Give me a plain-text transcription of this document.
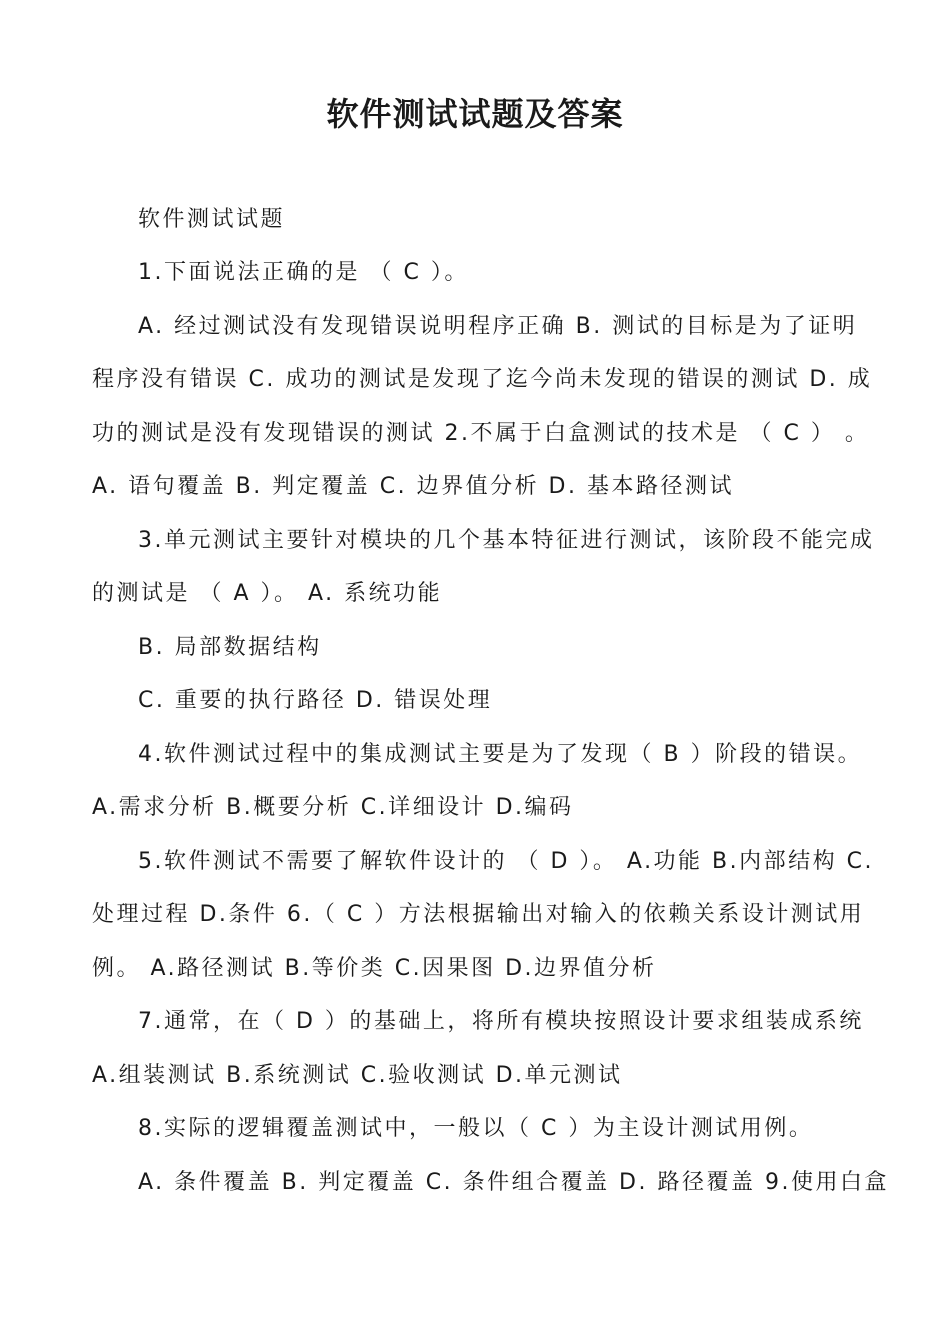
软件测试试题及答案
软件测试试题
1.下面说法正确的是 （ C ）。
A. 经过测试没有发现错误说明程序正确 B. 测试的目标是为了证明
程序没有错误 C. 成功的测试是发现了迄今尚未发现的错误的测试 D. 成
功的测试是没有发现错误的测试 2.不属于白盒测试的技术是 （ C ） 。
A. 语句覆盖 B. 判定覆盖 C. 边界值分析 D. 基本路径测试
3.单元测试主要针对模块的几个基本特征进行测试，该阶段不能完成
的测试是 （ A ）。 A. 系统功能
B. 局部数据结构
C. 重要的执行路径 D. 错误处理
4.软件测试过程中的集成测试主要是为了发现（ B ）阶段的错误。
A.需求分析 B.概要分析 C.详细设计 D.编码
5.软件测试不需要了解软件设计的 （ D ）。 A.功能 B.内部结构 C.
处理过程 D.条件 6.（ C ）方法根据输出对输入的依赖关系设计测试用
例。 A.路径测试 B.等价类 C.因果图 D.边界值分析
7.通常，在（ D ）的基础上，将所有模块按照设计要求组装成系统
A.组装测试 B.系统测试 C.验收测试 D.单元测试
8.实际的逻辑覆盖测试中，一般以（ C ）为主设计测试用例。
A. 条件覆盖 B. 判定覆盖 C. 条件组合覆盖 D. 路径覆盖 9.使用白盒
